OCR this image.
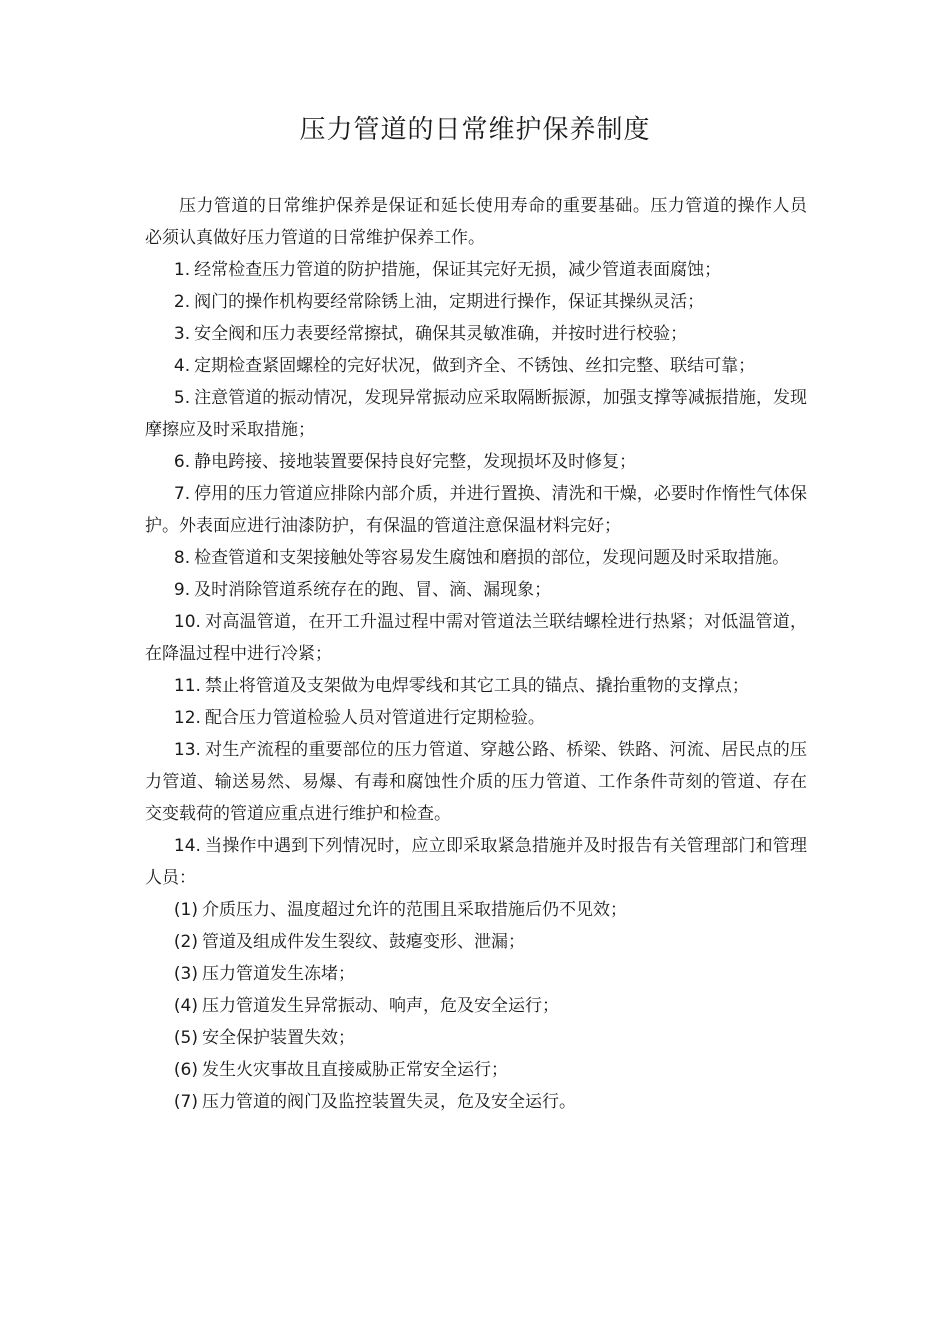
压力管道的日常维护保养制度

压力管道的日常维护保养是保证和延长使用寿命的重要基础。压力管道的操作人员必须认真做好压力管道的日常维护保养工作。

1. 经常检查压力管道的防护措施，保证其完好无损，减少管道表面腐蚀；

2. 阀门的操作机构要经常除锈上油，定期进行操作，保证其操纵灵活；

3. 安全阀和压力表要经常擦拭，确保其灵敏准确，并按时进行校验；

4. 定期检查紧固螺栓的完好状况，做到齐全、不锈蚀、丝扣完整、联结可靠；

5. 注意管道的振动情况，发现异常振动应采取隔断振源，加强支撑等减振措施，发现摩擦应及时采取措施；

6. 静电跨接、接地装置要保持良好完整，发现损坏及时修复；

7. 停用的压力管道应排除内部介质，并进行置换、清洗和干燥，必要时作惰性气体保护。外表面应进行油漆防护，有保温的管道注意保温材料完好；

8. 检查管道和支架接触处等容易发生腐蚀和磨损的部位，发现问题及时采取措施。

9. 及时消除管道系统存在的跑、冒、滴、漏现象；

10. 对高温管道，在开工升温过程中需对管道法兰联结螺栓进行热紧；对低温管道，在降温过程中进行冷紧；

11. 禁止将管道及支架做为电焊零线和其它工具的锚点、撬抬重物的支撑点；

12. 配合压力管道检验人员对管道进行定期检验。

13. 对生产流程的重要部位的压力管道、穿越公路、桥梁、铁路、河流、居民点的压力管道、输送易然、易爆、有毒和腐蚀性介质的压力管道、工作条件苛刻的管道、存在交变载荷的管道应重点进行维护和检查。

14. 当操作中遇到下列情况时，应立即采取紧急措施并及时报告有关管理部门和管理人员：

(1) 介质压力、温度超过允许的范围且采取措施后仍不见效；

(2) 管道及组成件发生裂纹、鼓瘪变形、泄漏；

(3) 压力管道发生冻堵；

(4) 压力管道发生异常振动、响声，危及安全运行；

(5) 安全保护装置失效；

(6) 发生火灾事故且直接威胁正常安全运行；

(7) 压力管道的阀门及监控装置失灵，危及安全运行。
